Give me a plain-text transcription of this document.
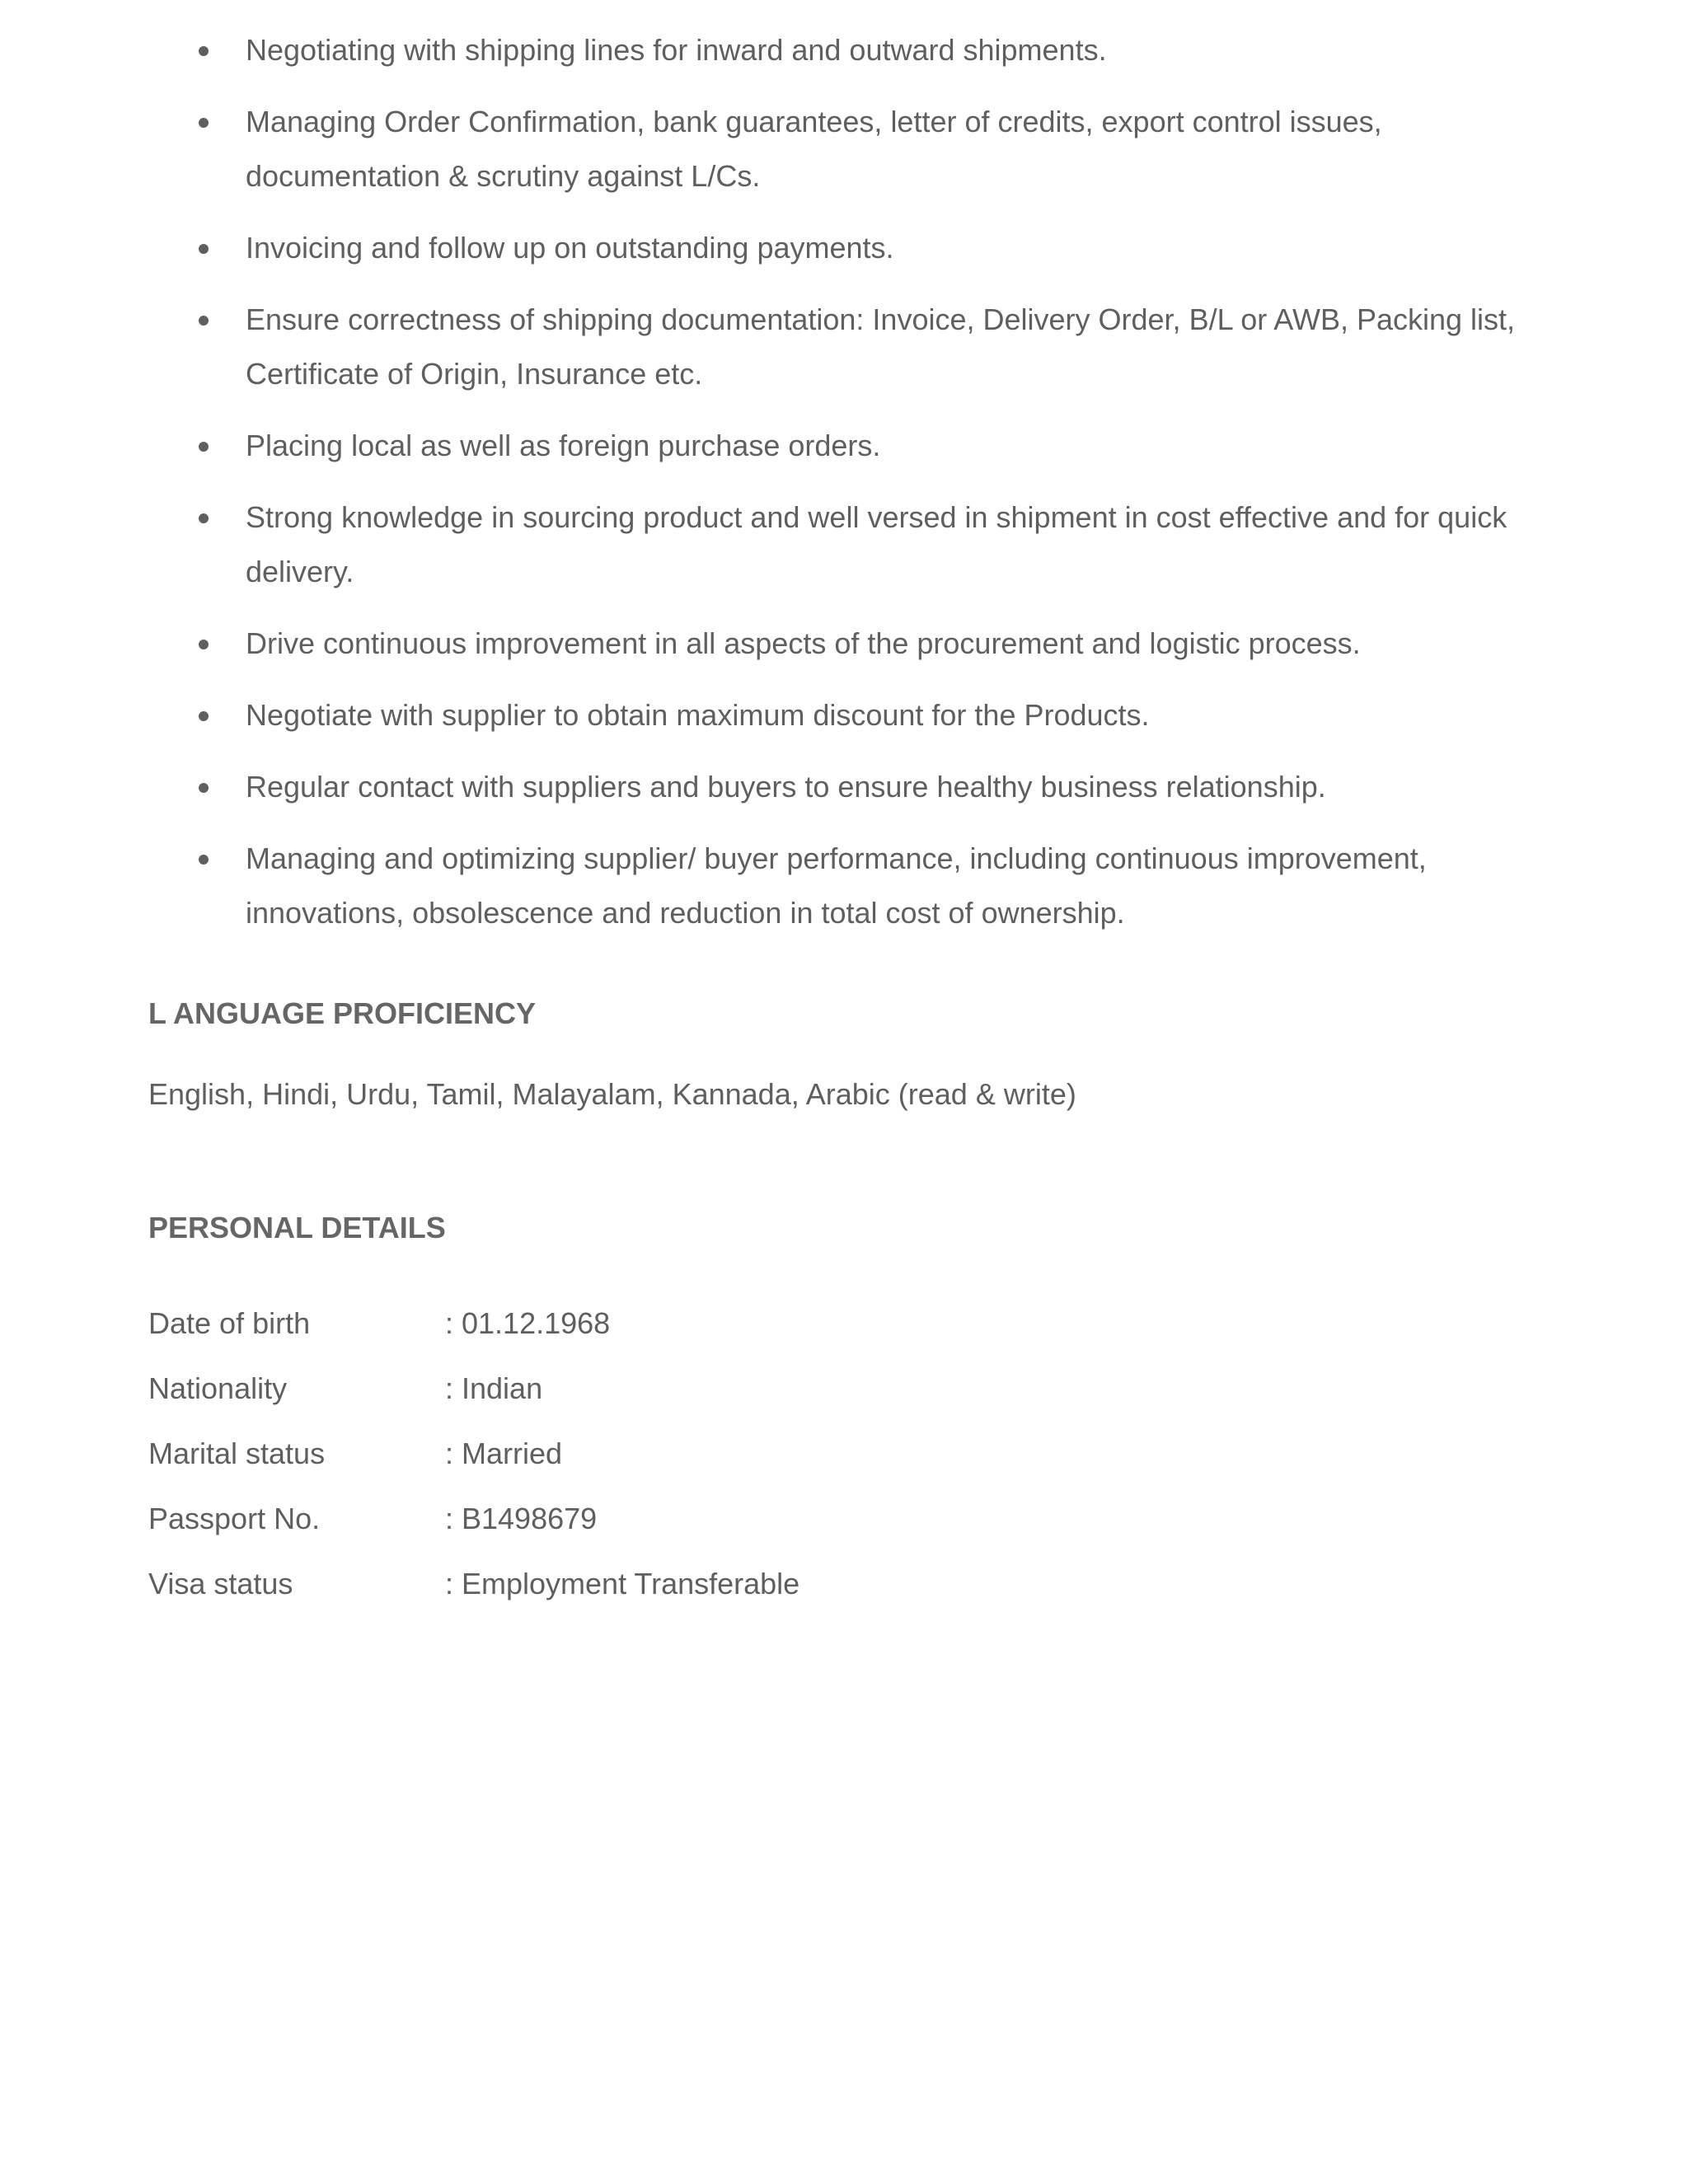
Negotiating with shipping lines for inward and outward shipments.
Managing Order Confirmation, bank guarantees, letter of credits, export control issues, documentation & scrutiny against L/Cs.
Invoicing and follow up on outstanding payments.
Ensure correctness of shipping documentation: Invoice, Delivery Order, B/L or AWB, Packing list, Certificate of Origin, Insurance etc.
Placing local as well as foreign purchase orders.
Strong knowledge in sourcing product and well versed in shipment in cost effective and for quick delivery.
Drive continuous improvement in all aspects of the procurement and logistic process.
Negotiate with supplier to obtain maximum discount for the Products.
Regular contact with suppliers and buyers to ensure healthy business relationship.
Managing and optimizing supplier/ buyer performance, including continuous improvement, innovations, obsolescence and reduction in total cost of ownership.
L ANGUAGE PROFICIENCY

English, Hindi, Urdu, Tamil, Malayalam, Kannada, Arabic (read & write)

PERSONAL DETAILS
Date of birth	: 01.12.1968
Nationality	: Indian
Marital status	: Married
Passport No.	: B1498679
Visa status	: Employment Transferable
